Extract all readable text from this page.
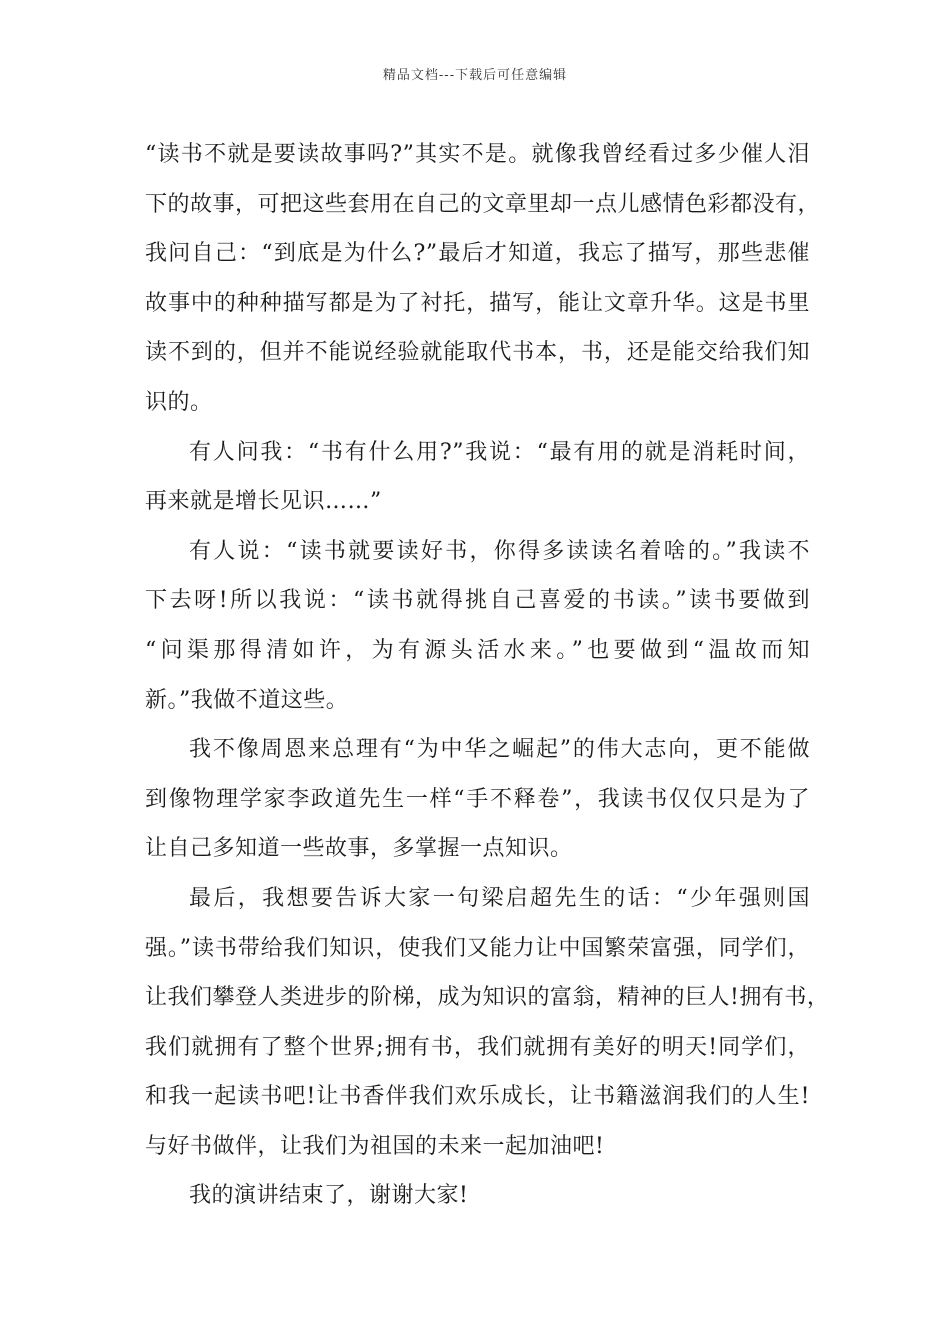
精品文档---下载后可任意编辑
“读书不就是要读故事吗?”其实不是。就像我曾经看过多少催人泪
下的故事，可把这些套用在自己的文章里却一点儿感情色彩都没有，
我问自己：“到底是为什么?”最后才知道，我忘了描写，那些悲催
故事中的种种描写都是为了衬托，描写，能让文章升华。这是书里
读不到的，但并不能说经验就能取代书本，书，还是能交给我们知
识的。
有人问我：“书有什么用?”我说：“最有用的就是消耗时间，
再来就是增长见识……”
有人说：“读书就要读好书，你得多读读名着啥的。”我读不
下去呀!所以我说：“读书就得挑自己喜爱的书读。”读书要做到
“问渠那得清如许，为有源头活水来。”也要做到“温故而知
新。”我做不道这些。
我不像周恩来总理有“为中华之崛起”的伟大志向，更不能做
到像物理学家李政道先生一样“手不释卷”，我读书仅仅只是为了
让自己多知道一些故事，多掌握一点知识。
最后，我想要告诉大家一句梁启超先生的话：“少年强则国
强。”读书带给我们知识，使我们又能力让中国繁荣富强，同学们，
让我们攀登人类进步的阶梯，成为知识的富翁，精神的巨人!拥有书，
我们就拥有了整个世界;拥有书，我们就拥有美好的明天!同学们，
和我一起读书吧!让书香伴我们欢乐成长，让书籍滋润我们的人生!
与好书做伴，让我们为祖国的未来一起加油吧!
我的演讲结束了，谢谢大家!
